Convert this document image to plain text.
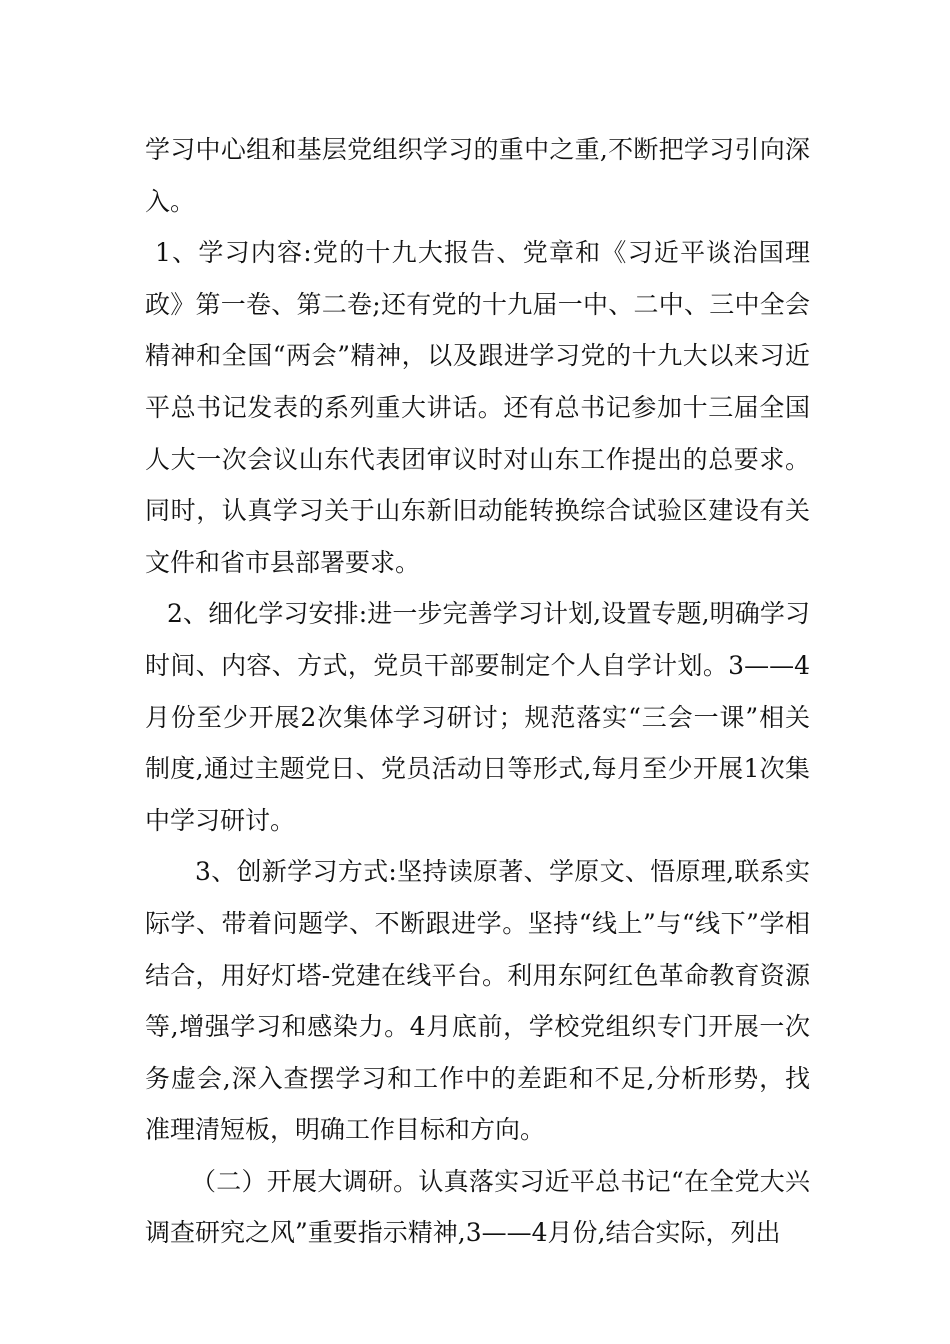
学习中心组和基层党组织学习的重中之重,不断把学习引向深入。

1、学习内容:党的十九大报告、党章和《习近平谈治国理政》第一卷、第二卷;还有党的十九届一中、二中、三中全会精神和全国“两会”精神，以及跟进学习党的十九大以来习近平总书记发表的系列重大讲话。还有总书记参加十三届全国人大一次会议山东代表团审议时对山东工作提出的总要求。同时，认真学习关于山东新旧动能转换综合试验区建设有关文件和省市县部署要求。

2、细化学习安排:进一步完善学习计划,设置专题,明确学习时间、内容、方式，党员干部要制定个人自学计划。3——4月份至少开展2次集体学习研讨；规范落实“三会一课”相关制度,通过主题党日、党员活动日等形式,每月至少开展1次集中学习研讨。

3、创新学习方式:坚持读原著、学原文、悟原理,联系实际学、带着问题学、不断跟进学。坚持“线上”与“线下”学相结合，用好灯塔-党建在线平台。利用东阿红色革命教育资源等,增强学习和感染力。4月底前，学校党组织专门开展一次务虚会,深入查摆学习和工作中的差距和不足,分析形势，找准理清短板，明确工作目标和方向。

（二）开展大调研。认真落实习近平总书记“在全党大兴调查研究之风”重要指示精神,3——4月份,结合实际，列出
